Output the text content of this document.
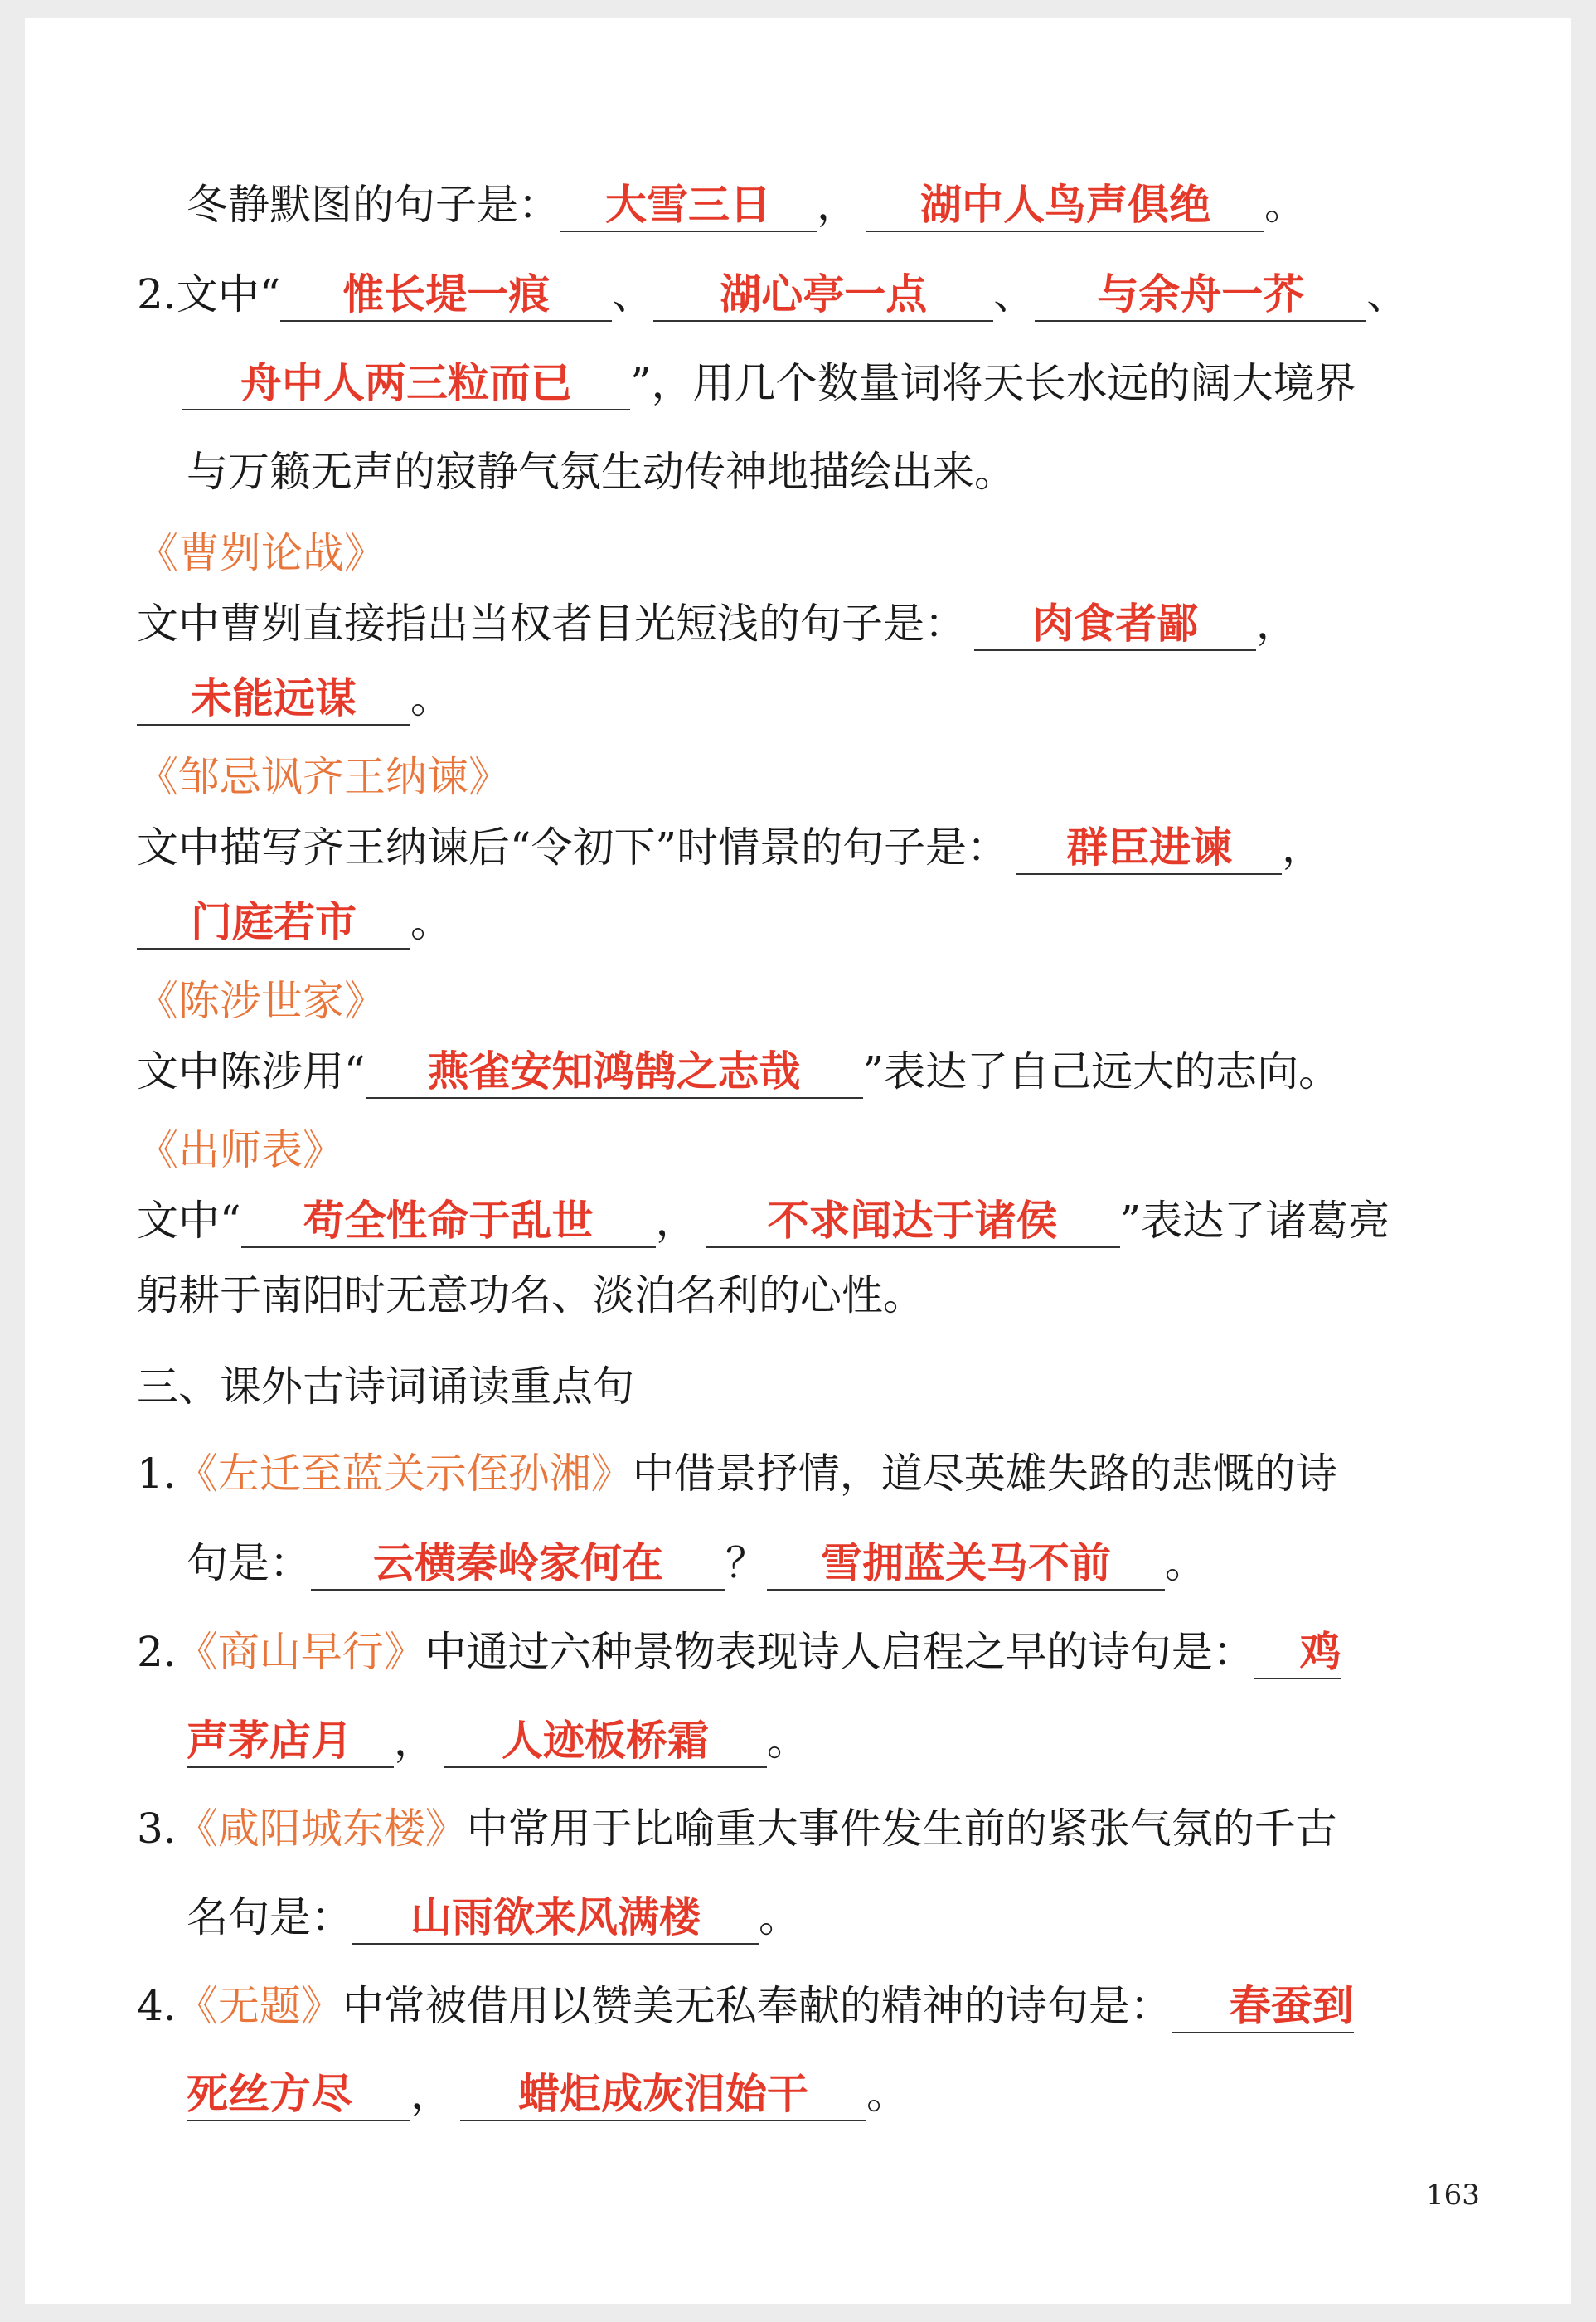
冬静默图的句子是： 大雪三日 ， 湖中人鸟声俱绝 。
2.文中“ 惟长堤一痕 、 湖心亭一点 、 与余舟一芥 、
舟中人两三粒而已 ”，用几个数量词将天长水远的阔大境界
与万籁无声的寂静气氛生动传神地描绘出来。
《曹刿论战》
文中曹刿直接指出当权者目光短浅的句子是： 肉食者鄙 ，
未能远谋 。
《邹忌讽齐王纳谏》
文中描写齐王纳谏后“令初下”时情景的句子是： 群臣进谏 ，
门庭若市 。
《陈涉世家》
文中陈涉用“ 燕雀安知鸿鹄之志哉 ”表达了自己远大的志向。
《出师表》
文中“ 苟全性命于乱世 ， 不求闻达于诸侯 ”表达了诸葛亮
躬耕于南阳时无意功名、淡泊名利的心性。
三、课外古诗词诵读重点句
1.《左迁至蓝关示侄孙湘》中借景抒情，道尽英雄失路的悲慨的诗
句是： 云横秦岭家何在 ？ 雪拥蓝关马不前 。
2.《商山早行》中通过六种景物表现诗人启程之早的诗句是： 鸡
声茅店月 ， 人迹板桥霜 。
3.《咸阳城东楼》中常用于比喻重大事件发生前的紧张气氛的千古
名句是： 山雨欲来风满楼 。
4.《无题》中常被借用以赞美无私奉献的精神的诗句是： 春蚕到
死丝方尽 ， 蜡炬成灰泪始干 。
163
